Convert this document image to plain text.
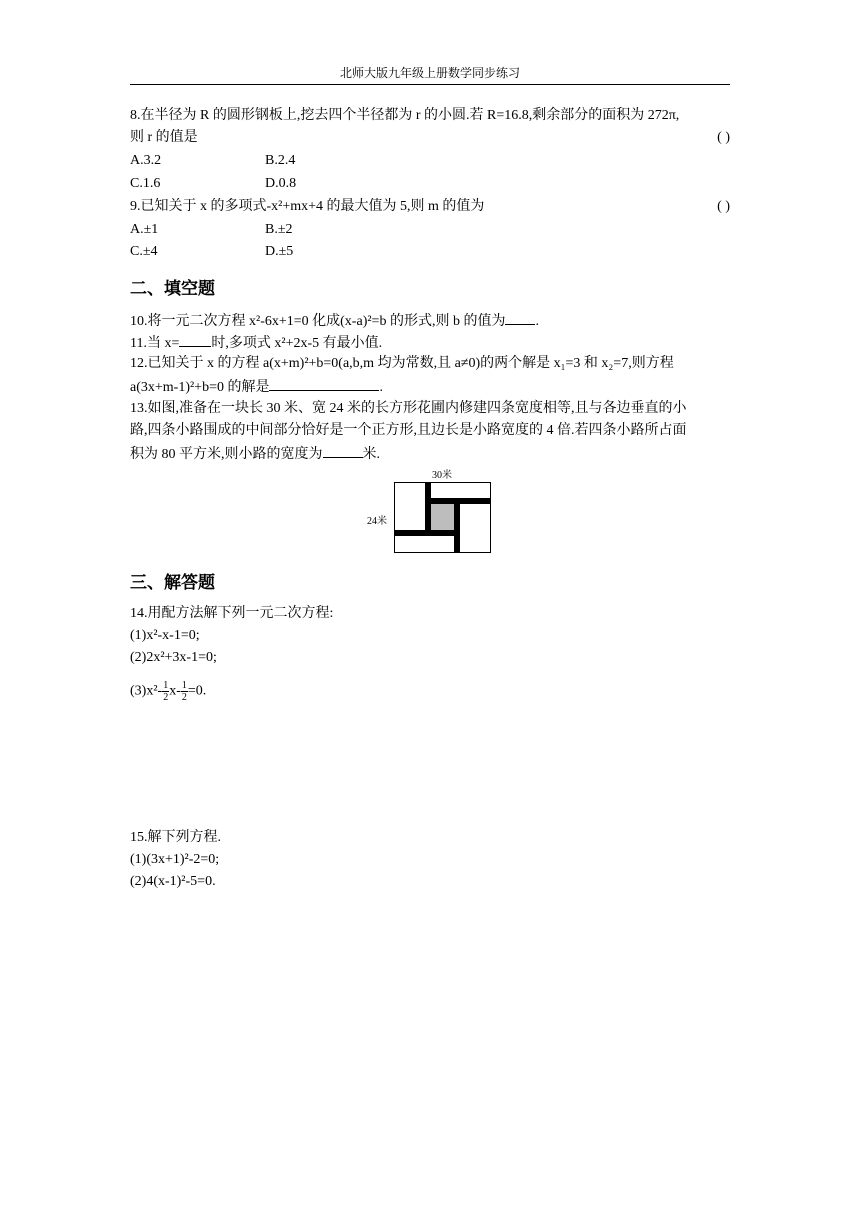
北师大版九年级上册数学同步练习
8.在半径为 R 的圆形钢板上,挖去四个半径都为 r 的小圆.若 R=16.8,剩余部分的面积为 272π,
则 r 的值是	( )
A.3.2	B.2.4
C.1.6	D.0.8
9.已知关于 x 的多项式-x²+mx+4 的最大值为 5,则 m 的值为	( )
A.±1	B.±2
C.±4	D.±5
二、填空题
10.将一元二次方程 x²-6x+1=0 化成(x-a)²=b 的形式,则 b 的值为 .
11.当 x= 时,多项式 x²+2x-5 有最小值.
12.已知关于 x 的方程 a(x+m)²+b=0(a,b,m 均为常数,且 a≠0)的两个解是 x₁=3 和 x₂=7,则方程
a(3x+m-1)²+b=0 的解是	.
13.如图,准备在一块长 30 米、宽 24 米的长方形花圃内修建四条宽度相等,且与各边垂直的小
路,四条小路围成的中间部分恰好是一个正方形,且边长是小路宽度的 4 倍.若四条小路所占面
积为 80 平方米,则小路的宽度为	米.
30米
24米
三、解答题
14.用配方法解下列一元二次方程:
(1)x²-x-1=0;
(2)2x²+3x-1=0;
$(3)x^2- \frac{1}{2} x- \frac{1}{2} =0$.
15.解下列方程.
(1)(3x+1)²-2=0;
(2)4(x-1)²-5=0.
